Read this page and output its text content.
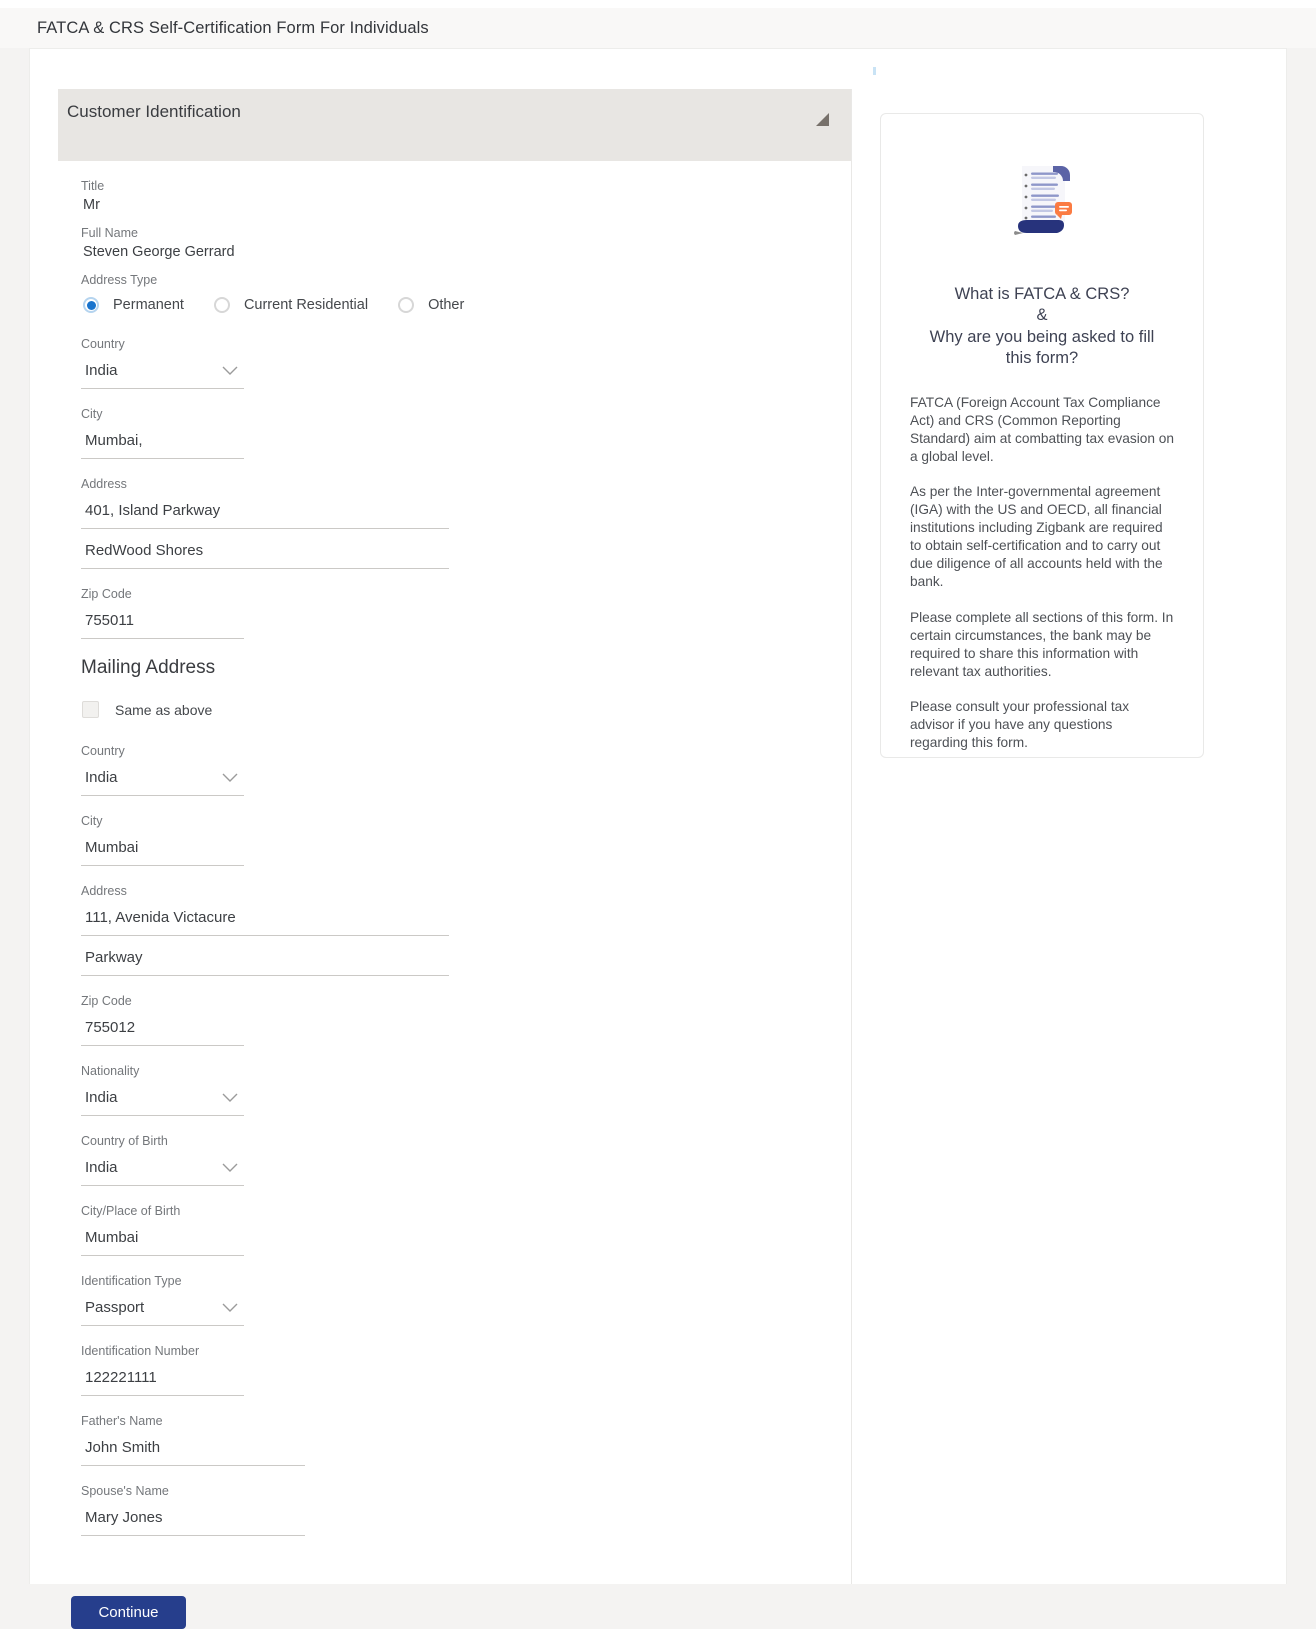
FATCA & CRS Self-Certification Form For Individuals
Customer Identification
Title
Mr
Full Name
Steven George Gerrard
Address Type
Permanent	Current Residential	Other
Country
India
City
Mumbai,
Address
401, Island Parkway
RedWood Shores
Zip Code
755011
Mailing Address
Same as above
Country
India
City
Mumbai
Address
111, Avenida Victacure
Parkway
Zip Code
755012
Nationality
India
Country of Birth
India
City/Place of Birth
Mumbai
Identification Type
Passport
Identification Number
122221111
Father's Name
John Smith
Spouse's Name
Mary Jones
Continue
What is FATCA & CRS?
&
Why are you being asked to fill
this form?

FATCA (Foreign Account Tax Compliance Act) and CRS (Common Reporting Standard) aim at combatting tax evasion on a global level.

As per the Inter-governmental agreement (IGA) with the US and OECD, all financial institutions including Zigbank are required to obtain self-certification and to carry out due diligence of all accounts held with the bank.

Please complete all sections of this form. In certain circumstances, the bank may be required to share this information with relevant tax authorities.

Please consult your professional tax advisor if you have any questions regarding this form.
